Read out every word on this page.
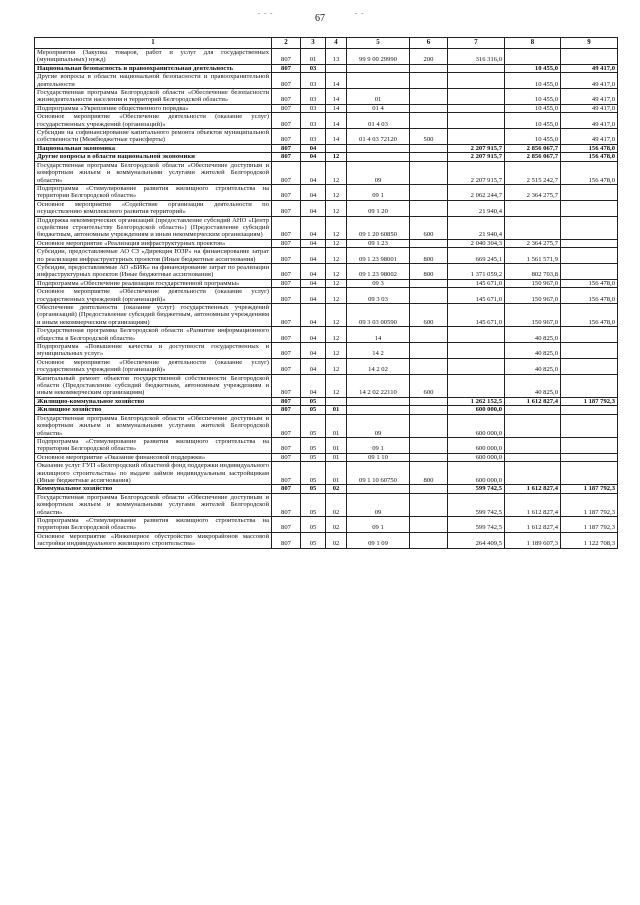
- - -	67	- -
1	2	3	4	5	6	7	8	9
Мероприятия (Закупка товаров, работ и услуг для государственных (муниципальных) нужд)	807	01	13	99 9 00 29990	200	316 316,0		
Национальная безопасность и правоохранительная деятельность	807	03					10 455,0	49 417,0
Другие вопросы в области национальной безопасности и правоохранительной деятельности	807	03	14				10 455,0	49 417,0
Государственная программа Белгородской области «Обеспечение безопасности жизнедеятельности населения и территорий Белгородской области»	807	03	14	01			10 455,0	49 417,0
Подпрограмма «Укрепление общественного порядка»	807	03	14	01 4			10 455,0	49 417,0
Основное мероприятие «Обеспечение деятельности (оказание услуг) государственных учреждений (организаций)»	807	03	14	01 4 03			10 455,0	49 417,0
Субсидии на софинансирование капитального ремонта объектов муниципальной собственности (Межбюджетные трансферты)	807	03	14	01 4 03 72120	500		10 455,0	49 417,0
Национальная экономика	807	04				2 207 915,7	2 856 067,7	156 478,0
Другие вопросы в области национальной экономики	807	04	12			2 207 915,7	2 856 067,7	156 478,0
Государственная программа Белгородской области «Обеспечение доступным и комфортным жильем и коммунальными услугами жителей Белгородской области»	807	04	12	09		2 207 915,7	2 515 242,7	156 478,0
Подпрограмма «Стимулирование развития жилищного строительства на территории Белгородской области»	807	04	12	09 1		2 062 244,7	2 364 275,7	
Основное мероприятие «Содействие организации деятельности по осуществлению комплексного развития территорий»	807	04	12	09 1 20		21 940,4		
Поддержка некоммерческих организаций (предоставление субсидий АНО «Центр содействия строительству Белгородской области») (Предоставление субсидий бюджетным, автономным учреждениям и иным некоммерческим организациям)	807	04	12	09 1 20 60850	600	21 940,4		
Основное мероприятие «Реализация инфраструктурных проектов»	807	04	12	09 1 23		2 040 304,3	2 364 275,7	
Субсидии, предоставляемые АО СЗ «Дирекция ЮЗР» на финансирование затрат по реализации инфраструктурных проектов (Иные бюджетные ассигнования)	807	04	12	09 1 23 98001	800	669 245,1	1 561 571,9	
Субсидии, предоставляемые АО «БИК» на финансирование затрат по реализации инфраструктурных проектов (Иные бюджетные ассигнования)	807	04	12	09 1 23 98002	800	1 371 059,2	802 703,8	
Подпрограмма «Обеспечение реализации государственной программы»	807	04	12	09 3		145 671,0	150 967,0	156 478,0
Основное мероприятие «Обеспечение деятельности (оказание услуг) государственных учреждений (организаций)»	807	04	12	09 3 03		145 671,0	150 967,0	156 478,0
Обеспечение деятельности (оказание услуг) государственных учреждений (организаций) (Предоставление субсидий бюджетным, автономным учреждениям и иным некоммерческим организациям)	807	04	12	09 3 03 00590	600	145 671,0	150 967,0	156 478,0
Государственная программа Белгородской области «Развитие информационного общества в Белгородской области»	807	04	12	14			40 825,0	
Подпрограмма «Повышение качества и доступности государственных и муниципальных услуг»	807	04	12	14 2			40 825,0	
Основное мероприятие «Обеспечение деятельности (оказание услуг) государственных учреждений (организаций)»	807	04	12	14 2 02			40 825,0	
Капитальный ремонт объектов государственной собственности Белгородской области (Предоставление субсидий бюджетным, автономным учреждениям и иным некоммерческим организациям)	807	04	12	14 2 02 22110	600		40 825,0	
Жилищно-коммунальное хозяйство	807	05				1 262 152,5	1 612 827,4	1 187 792,3
Жилищное хозяйство	807	05	01			600 000,0		
Государственная программа Белгородской области «Обеспечение доступным и комфортным жильем и коммунальными услугами жителей Белгородской области»	807	05	01	09		600 000,0		
Подпрограмма «Стимулирование развития жилищного строительства на территории Белгородской области»	807	05	01	09 1		600 000,0		
Основное мероприятие «Оказание финансовой поддержки»	807	05	01	09 1 10		600 000,0		
Оказание услуг ГУП «Белгородский областной фонд поддержки индивидуального жилищного строительства» по выдаче займов индивидуальным застройщикам (Иные бюджетные ассигнования)	807	05	01	09 1 10 60750	800	600 000,0		
Коммунальное хозяйство	807	05	02			599 742,5	1 612 827,4	1 187 792,3
Государственная программа Белгородской области «Обеспечение доступным и комфортным жильем и коммунальными услугами жителей Белгородской области»	807	05	02	09		599 742,5	1 612 827,4	1 187 792,3
Подпрограмма «Стимулирование развития жилищного строительства на территории Белгородской области»	807	05	02	09 1		599 742,5	1 612 827,4	1 187 792,3
Основное мероприятие «Инженерное обустройство микрорайонов массовой застройки индивидуального жилищного строительства»	807	05	02	09 1 09		264 409,5	1 189 607,3	1 122 708,3
